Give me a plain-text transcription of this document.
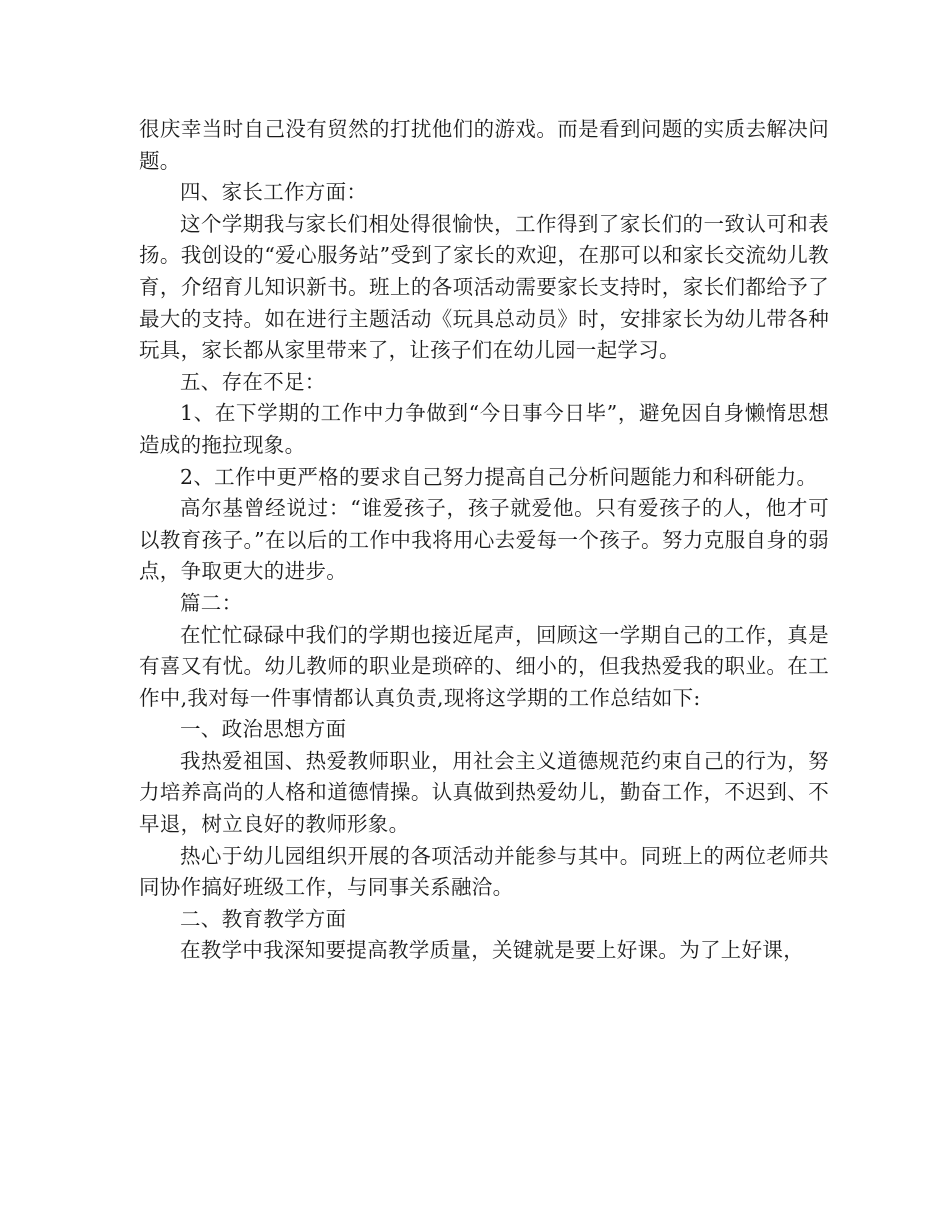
很庆幸当时自己没有贸然的打扰他们的游戏。而是看到问题的实质去解决问题。

四、家长工作方面：

这个学期我与家长们相处得很愉快，工作得到了家长们的一致认可和表扬。我创设的“爱心服务站”受到了家长的欢迎，在那可以和家长交流幼儿教育，介绍育儿知识新书。班上的各项活动需要家长支持时，家长们都给予了最大的支持。如在进行主题活动《玩具总动员》时，安排家长为幼儿带各种玩具，家长都从家里带来了，让孩子们在幼儿园一起学习。

五、存在不足：

1、在下学期的工作中力争做到“今日事今日毕”，避免因自身懒惰思想造成的拖拉现象。

2、工作中更严格的要求自己努力提高自己分析问题能力和科研能力。

高尔基曾经说过：“谁爱孩子，孩子就爱他。只有爱孩子的人，他才可以教育孩子。”在以后的工作中我将用心去爱每一个孩子。努力克服自身的弱点，争取更大的进步。

篇二：

在忙忙碌碌中我们的学期也接近尾声，回顾这一学期自己的工作，真是有喜又有忧。幼儿教师的职业是琐碎的、细小的，但我热爱我的职业。在工作中,我对每一件事情都认真负责,现将这学期的工作总结如下:

一、政治思想方面

我热爱祖国、热爱教师职业，用社会主义道德规范约束自己的行为，努力培养高尚的人格和道德情操。认真做到热爱幼儿，勤奋工作，不迟到、不早退，树立良好的教师形象。

热心于幼儿园组织开展的各项活动并能参与其中。同班上的两位老师共同协作搞好班级工作，与同事关系融洽。

二、教育教学方面

在教学中我深知要提高教学质量，关键就是要上好课。为了上好课，
